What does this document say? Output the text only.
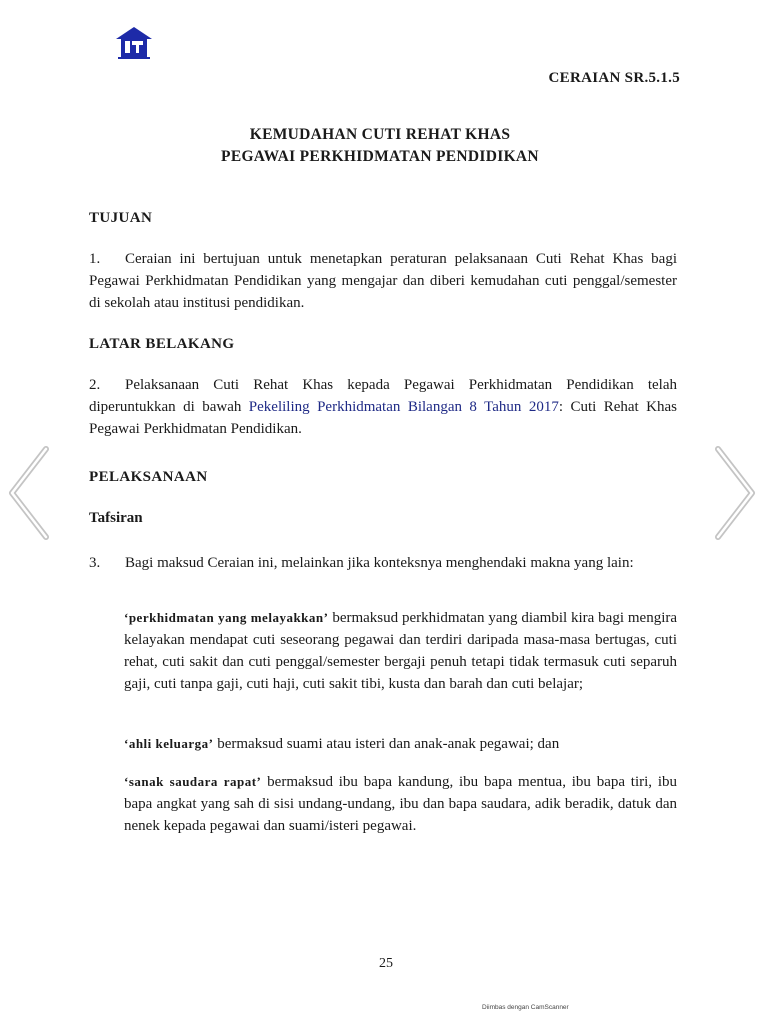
CERAIAN SR.5.1.5
KEMUDAHAN CUTI REHAT KHAS
PEGAWAI PERKHIDMATAN PENDIDIKAN
TUJUAN
1. Ceraian ini bertujuan untuk menetapkan peraturan pelaksanaan Cuti Rehat Khas bagi Pegawai Perkhidmatan Pendidikan yang mengajar dan diberi kemudahan cuti penggal/semester di sekolah atau institusi pendidikan.
LATAR BELAKANG
2. Pelaksanaan Cuti Rehat Khas kepada Pegawai Perkhidmatan Pendidikan telah diperuntukkan di bawah Pekeliling Perkhidmatan Bilangan 8 Tahun 2017: Cuti Rehat Khas Pegawai Perkhidmatan Pendidikan.
PELAKSANAAN
Tafsiran
3. Bagi maksud Ceraian ini, melainkan jika konteksnya menghendaki makna yang lain:
‘perkhidmatan yang melayakkan’ bermaksud perkhidmatan yang diambil kira bagi mengira kelayakan mendapat cuti seseorang pegawai dan terdiri daripada masa-masa bertugas, cuti rehat, cuti sakit dan cuti penggal/semester bergaji penuh tetapi tidak termasuk cuti separuh gaji, cuti tanpa gaji, cuti haji, cuti sakit tibi, kusta dan barah dan cuti belajar;
‘ahli keluarga’ bermaksud suami atau isteri dan anak-anak pegawai; dan
‘sanak saudara rapat’ bermaksud ibu bapa kandung, ibu bapa mentua, ibu bapa tiri, ibu bapa angkat yang sah di sisi undang-undang, ibu dan bapa saudara, adik beradik, datuk dan nenek kepada pegawai dan suami/isteri pegawai.
25
Diimbas dengan CamScanner
